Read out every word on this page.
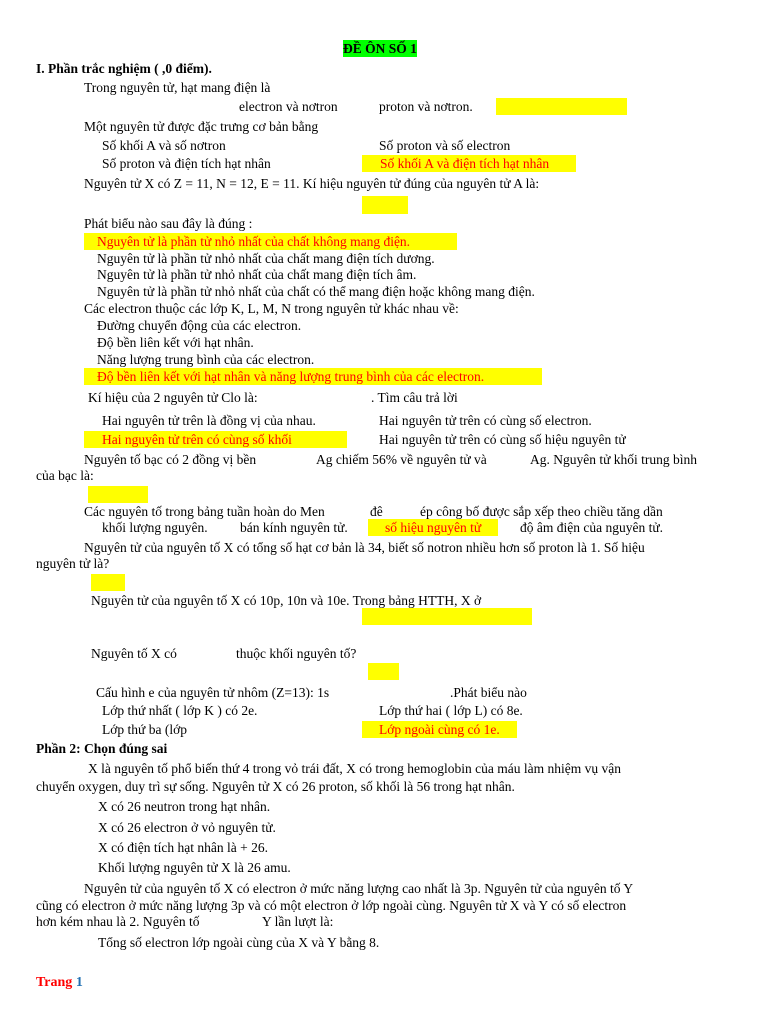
ĐỀ ÔN SỐ 1
I. Phần trắc nghiệm ( ,0 điểm).
Trong nguyên tử, hạt mang điện là
electron và nơtron	proton và nơtron.
Một nguyên tử được đặc trưng cơ bản bằng
Số khối A và số nơtron	Số proton và số electron
Số proton và điện tích hạt nhân	Số khối A và điện tích hạt nhân
Nguyên tử X có Z = 11, N = 12, E = 11. Kí hiệu nguyên tử đúng của nguyên tử A là:
Phát biểu nào sau đây là đúng :
Nguyên tử là phần tử nhỏ nhất của chất không mang điện.
Nguyên tử là phần tử nhỏ nhất của chất mang điện tích dương.
Nguyên tử là phần tử nhỏ nhất của chất mang điện tích âm.
Nguyên tử là phần tử nhỏ nhất của chất có thể mang điện hoặc không mang điện.
Các electron thuộc các lớp K, L, M, N trong nguyên tử khác nhau về:
Đường chuyển động của các electron.
Độ bền liên kết với hạt nhân.
Năng lượng trung bình của các electron.
Độ bền liên kết với hạt nhân và năng lượng trung bình của các electron.
Kí hiệu của 2 nguyên tử Clo là:	. Tìm câu trả lời
Hai nguyên tử trên là đồng vị của nhau.	Hai nguyên tử trên có cùng số electron.
Hai nguyên tử trên có cùng số khối	Hai nguyên tử trên có cùng số hiệu nguyên tử
Nguyên tố bạc có 2 đồng vị bền	Ag chiếm 56% về nguyên tử và	Ag. Nguyên tử khối trung bình
của bạc là:
Các nguyên tố trong bảng tuần hoàn do Men	đê	ép công bố được sắp xếp theo chiều tăng dần
khối lượng nguyên. bán kính nguyên tử.	số hiệu nguyên tử	độ âm điện của nguyên tử.
Nguyên tử của nguyên tố X có tổng số hạt cơ bản là 34, biết số notron nhiều hơn số proton là 1. Số hiệu
nguyên tử là?
Nguyên tử của nguyên tố X có 10p, 10n và 10e. Trong bảng HTTH, X ở
Nguyên tố X có	thuộc khối nguyên tố?
Cấu hình e của nguyên tử nhôm (Z=13): 1s	.Phát biểu nào
Lớp thứ nhất ( lớp K ) có 2e.	Lớp thứ hai ( lớp L) có 8e.
Lớp thứ ba (lớp	Lớp ngoài cùng có 1e.
Phần 2: Chọn đúng sai
X là nguyên tố phổ biến thứ 4 trong vỏ trái đất, X có trong hemoglobin của máu làm nhiệm vụ vận
chuyển oxygen, duy trì sự sống. Nguyên tử X có 26 proton, số khối là 56 trong hạt nhân.
X có 26 neutron trong hạt nhân.
X có 26 electron ở vỏ nguyên tử.
X có điện tích hạt nhân là + 26.
Khối lượng nguyên tử X là 26 amu.
Nguyên tử của nguyên tố X có electron ở mức năng lượng cao nhất là 3p. Nguyên tử của nguyên tố Y
cũng có electron ở mức năng lượng 3p và có một electron ở lớp ngoài cùng. Nguyên tử X và Y có số electron
hơn kém nhau là 2. Nguyên tố	Y lần lượt là:
Tổng số electron lớp ngoài cùng của X và Y bằng 8.
Trang 1
